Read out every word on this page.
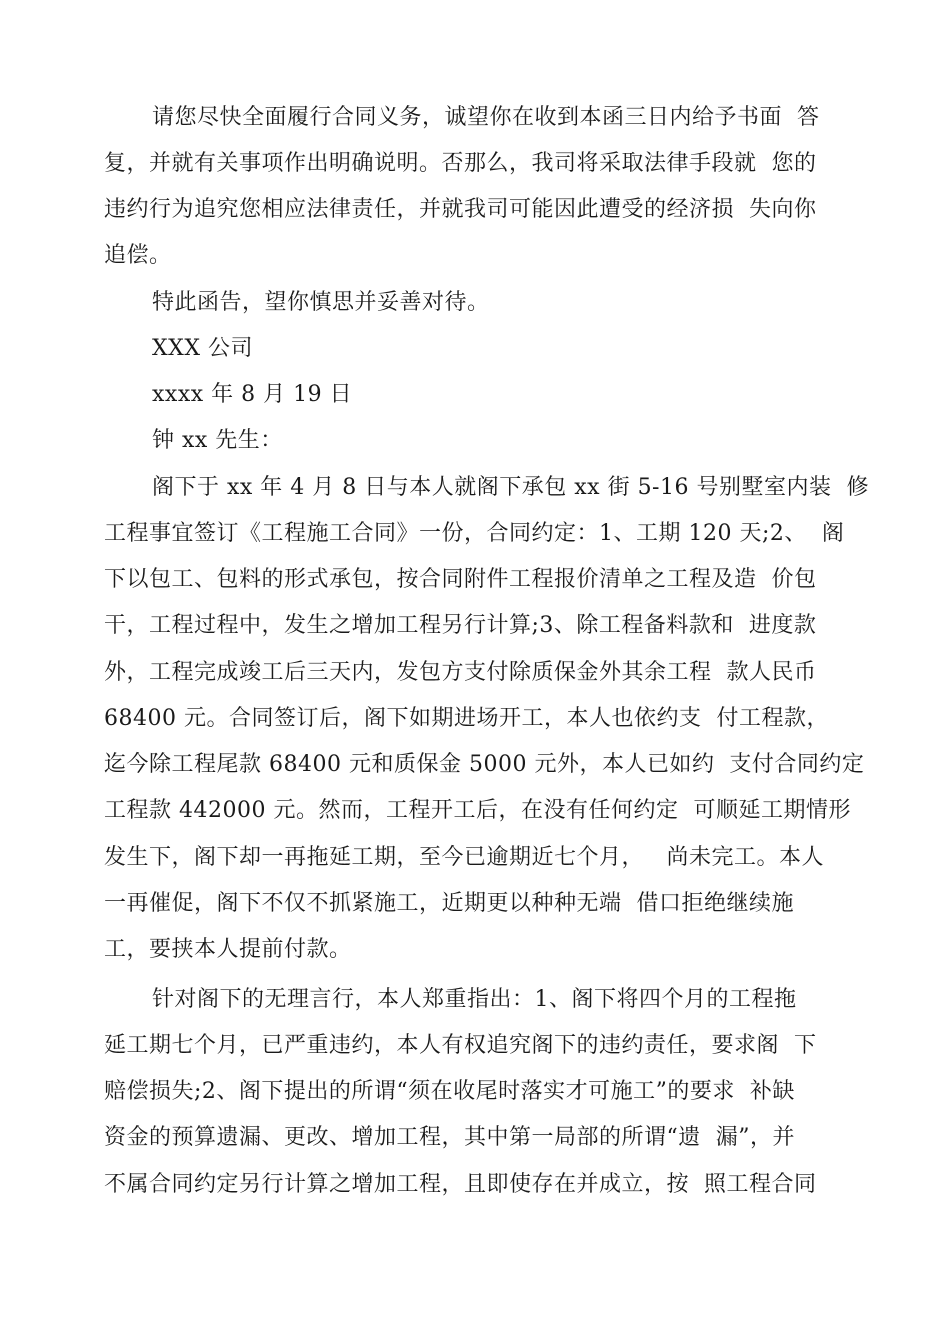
请您尽快全面履行合同义务，诚望你在收到本函三日内给予书面  答
复，并就有关事项作出明确说明。否那么，我司将采取法律手段就  您的
违约行为追究您相应法律责任，并就我司可能因此遭受的经济损  失向你
追偿。
特此函告，望你慎思并妥善对待。
XXX 公司
xxxx 年 8 月 19 日
钟 xx 先生：
阁下于 xx 年 4 月 8 日与本人就阁下承包 xx 街 5-16 号别墅室内装  修
工程事宜签订《工程施工合同》一份，合同约定：1、工期 120 天;2、  阁
下以包工、包料的形式承包，按合同附件工程报价清单之工程及造  价包
干，工程过程中，发生之增加工程另行计算;3、除工程备料款和  进度款
外，工程完成竣工后三天内，发包方支付除质保金外其余工程  款人民币
68400 元。合同签订后，阁下如期进场开工，本人也依约支  付工程款，
迄今除工程尾款 68400 元和质保金 5000 元外，本人已如约  支付合同约定
工程款 442000 元。然而，工程开工后，在没有任何约定  可顺延工期情形
发生下，阁下却一再拖延工期，至今已逾期近七个月，   尚未完工。本人
一再催促，阁下不仅不抓紧施工，近期更以种种无端  借口拒绝继续施
工，要挟本人提前付款。
针对阁下的无理言行，本人郑重指出：1、阁下将四个月的工程拖
延工期七个月，已严重违约，本人有权追究阁下的违约责任，要求阁  下
赔偿损失;2、阁下提出的所谓“须在收尾时落实才可施工”的要求  补缺
资金的预算遗漏、更改、增加工程，其中第一局部的所谓“遗  漏”，并
不属合同约定另行计算之增加工程，且即使存在并成立，按  照工程合同
